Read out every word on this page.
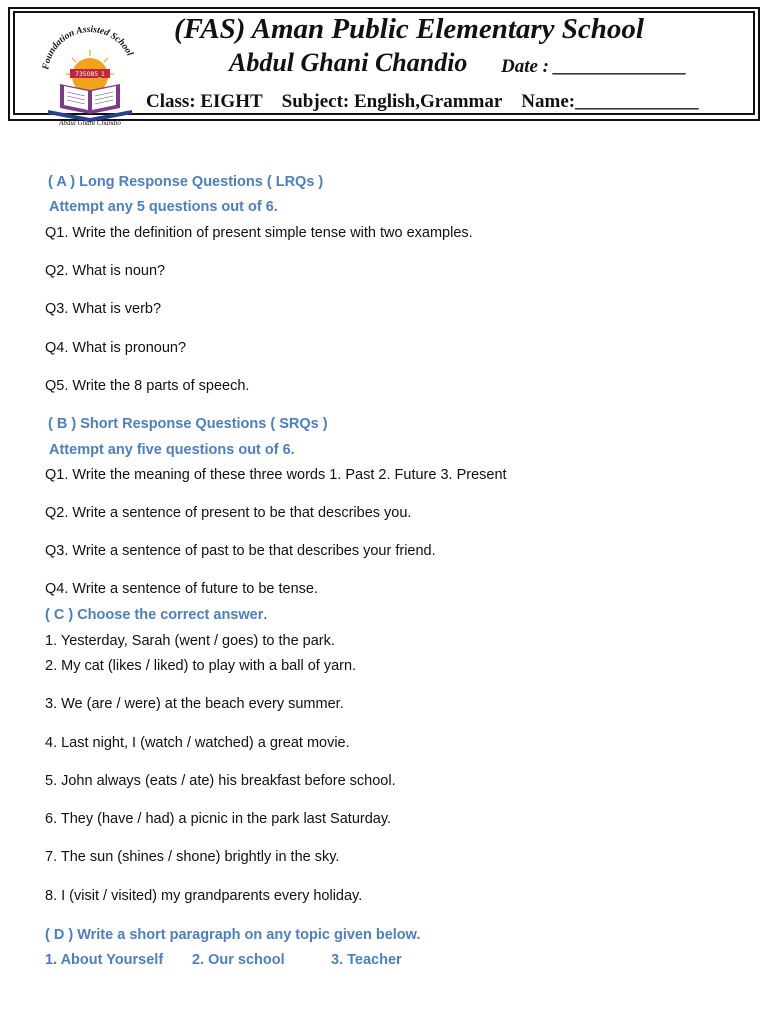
Foundation Assisted School
735085_1
Abdul Ghani Chandio
(FAS) Aman Public Elementary School
Abdul Ghani Chandio Date : ______________
Class: EIGHT Subject: English,Grammar Name:_____________
( A ) Long Response Questions ( LRQs )
Attempt any 5 questions out of 6.
Q1. Write the definition of present simple tense with two examples.
Q2. What is noun?
Q3. What is verb?
Q4. What is pronoun?
Q5. Write the 8 parts of speech.
( B ) Short Response Questions ( SRQs )
Attempt any five questions out of 6.
Q1. Write the meaning of these three words 1. Past 2. Future 3. Present
Q2. Write a sentence of present to be that describes you.
Q3. Write a sentence of past to be that describes your friend.
Q4. Write a sentence of future to be tense.
( C ) Choose the correct answer.
1. Yesterday, Sarah (went / goes) to the park.
2. My cat (likes / liked) to play with a ball of yarn.
3. We (are / were) at the beach every summer.
4. Last night, I (watch / watched) a great movie.
5. John always (eats / ate) his breakfast before school.
6. They (have / had) a picnic in the park last Saturday.
7. The sun (shines / shone) brightly in the sky.
8. I (visit / visited) my grandparents every holiday.
( D ) Write a short paragraph on any topic given below.
1. About Yourself 2. Our school	3. Teacher
